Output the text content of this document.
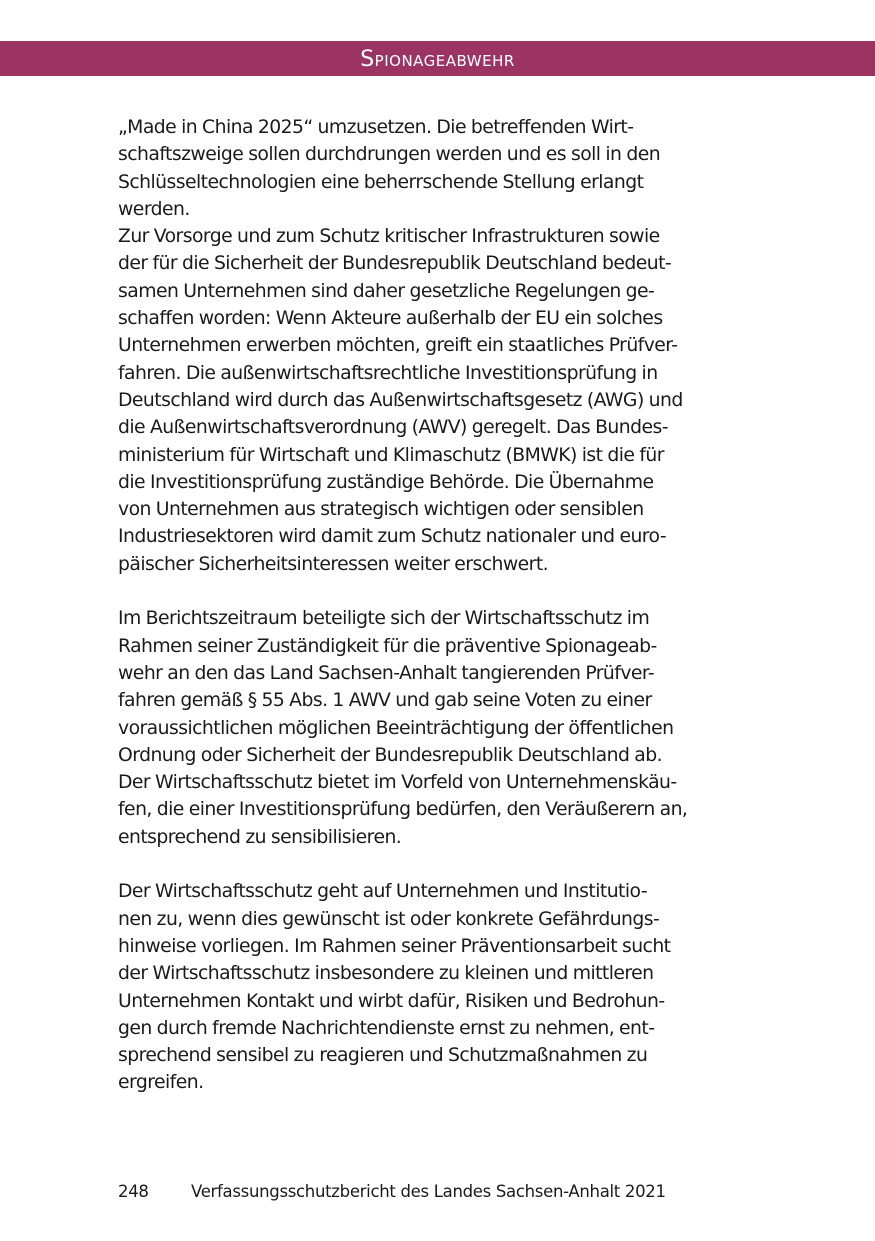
Spionageabwehr

„Made in China 2025“ umzusetzen. Die betreffenden Wirt-
schaftszweige sollen durchdrungen werden und es soll in den
Schlüsseltechnologien eine beherrschende Stellung erlangt
werden.
Zur Vorsorge und zum Schutz kritischer Infrastrukturen sowie
der für die Sicherheit der Bundesrepublik Deutschland bedeut-
samen Unternehmen sind daher gesetzliche Regelungen ge-
schaffen worden: Wenn Akteure außerhalb der EU ein solches
Unternehmen erwerben möchten, greift ein staatliches Prüfver-
fahren. Die außenwirtschaftsrechtliche Investitionsprüfung in
Deutschland wird durch das Außenwirtschaftsgesetz (AWG) und
die Außenwirtschaftsverordnung (AWV) geregelt. Das Bundes-
ministerium für Wirtschaft und Klimaschutz (BMWK) ist die für
die Investitionsprüfung zuständige Behörde. Die Übernahme
von Unternehmen aus strategisch wichtigen oder sensiblen
Industriesektoren wird damit zum Schutz nationaler und euro-
päischer Sicherheitsinteressen weiter erschwert.

Im Berichtszeitraum beteiligte sich der Wirtschaftsschutz im
Rahmen seiner Zuständigkeit für die präventive Spionageab-
wehr an den das Land Sachsen-Anhalt tangierenden Prüfver-
fahren gemäß § 55 Abs. 1 AWV und gab seine Voten zu einer
voraussichtlichen möglichen Beeinträchtigung der öffentlichen
Ordnung oder Sicherheit der Bundesrepublik Deutschland ab.
Der Wirtschaftsschutz bietet im Vorfeld von Unternehmenskäu-
fen, die einer Investitionsprüfung bedürfen, den Veräußerern an,
entsprechend zu sensibilisieren.

Der Wirtschaftsschutz geht auf Unternehmen und Institutio-
nen zu, wenn dies gewünscht ist oder konkrete Gefährdungs-
hinweise vorliegen. Im Rahmen seiner Präventionsarbeit sucht
der Wirtschaftsschutz insbesondere zu kleinen und mittleren
Unternehmen Kontakt und wirbt dafür, Risiken und Bedrohun-
gen durch fremde Nachrichtendienste ernst zu nehmen, ent-
sprechend sensibel zu reagieren und Schutzmaßnahmen zu
ergreifen.

248	Verfassungsschutzbericht des Landes Sachsen-Anhalt 2021
